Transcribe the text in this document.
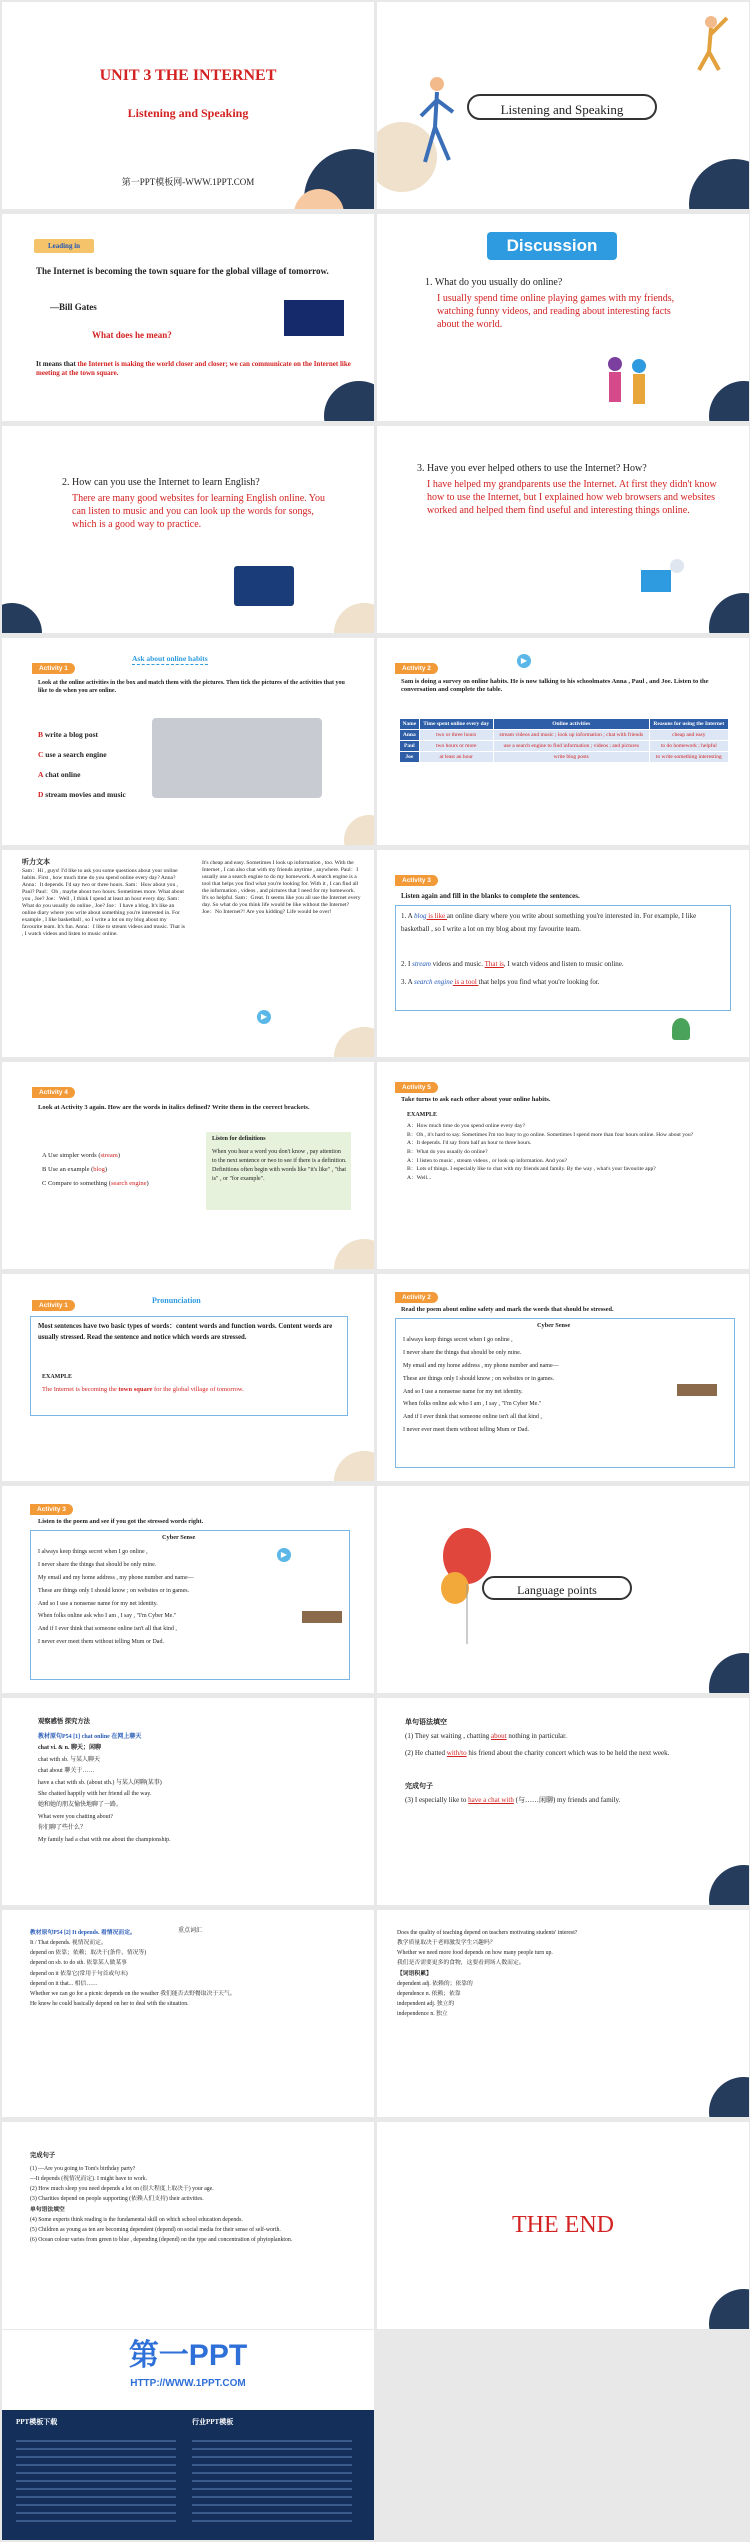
UNIT 3 THE INTERNET
Listening and Speaking
第一PPT模板网-WWW.1PPT.COM
Listening and Speaking
Leading in
The Internet is becoming the town square for the global village of tomorrow.
—Bill Gates
What does he mean?
It means that the Internet is making the world closer and closer; we can communicate on the Internet like meeting at the town square.
Discussion
1. What do you usually do online?
I usually spend time online playing games with my friends, watching funny videos, and reading about interesting facts about the world.
2. How can you use the Internet to learn English?
There are many good websites for learning English online. You can listen to music and you can look up the words for songs, which is a good way to practice.
3. Have you ever helped others to use the Internet? How?
I have helped my grandparents use the Internet. At first they didn't know how to use the Internet, but I explained how web browsers and websites worked and helped them find useful and interesting things online.
Activity 1
Ask about online habits
Look at the online activities in the box and match them with the pictures. Then tick the pictures of the activities that you like to do when you are online.
B write a blog post
C use a search engine
A chat online
D stream movies and music
Activity 2
▶
Sam is doing a survey on online habits. He is now talking to his schoolmates Anna , Paul , and Joe. Listen to the conversation and complete the table.
Name	Time spent online every day	Online activities	Reasons for using the Internet
Anna	two or three hours	stream videos and music ; look up information ; chat with friends	cheap and easy
Paul	two hours or more	use a search engine to find information ; videos ; and pictures	to do homework ; helpful
Joe	at least an hour	write blog posts	to write something interesting
听力文本
Sam：Hi , guys! I'd like to ask you some questions about your online habits. First , how much time do you spend online every day? Anna? Anna：It depends. I'd say two or three hours. Sam：How about you , Paul? Paul：Oh , maybe about two hours. Sometimes more. What about you , Joe? Joe：Well , I think I spend at least an hour every day. Sam：What do you usually do online , Joe? Joe：I have a blog. It's like an online diary where you write about something you're interested in. For example , I like basketball , so I write a lot on my blog about my favourite team. It's fun. Anna：I like to stream videos and music. That is , I watch videos and listen to music online.
It's cheap and easy. Sometimes I look up information , too. With the Internet , I can also chat with my friends anytime , anywhere. Paul：I usually use a search engine to do my homework. A search engine is a tool that helps you find what you're looking for. With it , I can find all the information , videos , and pictures that I need for my homework. It's so helpful. Sam：Great. It seems like you all use the Internet every day. So what do you think life would be like without the Internet? Joe：No Internet?! Are you kidding? Life would be over!
▶
Activity 3
Listen again and fill in the blanks to complete the sentences.
1. A blog is like an online diary where you write about something you're interested in. For example, I like basketball , so I write a lot on my blog about my favourite team.
2. I stream videos and music. That is, I watch videos and listen to music online.
3. A search engine is a tool that helps you find what you're looking for.
Activity 4
Look at Activity 3 again. How are the words in italics defined? Write them in the correct brackets.
A Use simpler words (stream)
B Use an example (blog)
C Compare to something (search engine)
Listen for definitions
When you hear a word you don't know , pay attention to the next sentence or two to see if there is a definition. Definitions often begin with words like "it's like" , "that is" , or "for example".
Activity 5
Take turns to ask each other about your online habits.
EXAMPLE
A：How much time do you spend online every day?
B：Oh , it's hard to say. Sometimes I'm too busy to go online. Sometimes I spend more than four hours online. How about you?
A：It depends. I'd say from half an hour to three hours.
B：What do you usually do online?
A：I listen to music , stream videos , or look up information. And you?
B：Lots of things. I especially like to chat with my friends and family. By the way , what's your favourite app?
A：Well...
Activity 1
Pronunciation
Most sentences have two basic types of words：content words and function words. Content words are usually stressed. Read the sentence and notice which words are stressed.
EXAMPLE
The Internet is becoming the town square for the global village of tomorrow.
Activity 2
Read the poem about online safety and mark the words that should be stressed.
Cyber Sense
I always keep things secret when I go online ,
I never share the things that should be only mine.
My email and my home address , my phone number and name—
These are things only I should know ; on websites or in games.
And so I use a nonsense name for my net identity.
When folks online ask who I am , I say , "I'm Cyber Me."
And if I ever think that someone online isn't all that kind ,
I never ever meet them without telling Mum or Dad.
Activity 3
Listen to the poem and see if you got the stressed words right.
Cyber Sense
I always keep things secret when I go online ,
I never share the things that should be only mine.
My email and my home address , my phone number and name—
These are things only I should know ; on websites or in games.
And so I use a nonsense name for my net identity.
When folks online ask who I am , I say , "I'm Cyber Me."
And if I ever think that someone online isn't all that kind ,
I never ever meet them without telling Mum or Dad.
▶
Language points
观察感悟 探究方法
教材原句P54 [1] chat online 在网上聊天
chat vi. & n. 聊天；闲聊
chat with sb. 与某人聊天
chat about 聊关于……
have a chat with sb. (about sth.) 与某人闲聊(某事)
She chatted happily with her friend all the way.
她和她的朋友愉快地聊了一路。
What were you chatting about?
你们聊了些什么？
My family had a chat with me about the championship.
单句语法填空
(1) They sat waiting , chatting about nothing in particular.
(2) He chatted with/to his friend about the charity concert which was to be held the next week.
完成句子
(3) I especially like to have a chat with (与……闲聊) my friends and family.
教材原句P54 [2] It depends. 看情况而定。
It / That depends. 视情况而定。
depend on 依靠；依赖；取决于(条件、情况等)
depend on sb. to do sth. 依靠某人做某事
depend on it 依靠它(常用于句首或句末)
depend on it that... 相信……
Whether we can go for a picnic depends on the weather 我们能否去野餐取决于天气。
He knew he could basically depend on her to deal with the situation.
重点词汇	Does the quality of teaching depend on teachers motivating students' interest?
教学质量取决于老师激发学生兴趣吗？
Whether we need more food depends on how many people turn up.
我们是否需要更多的食物，这要看到场人数而定。
【词语积累】
dependent adj. 依赖的；依靠的
dependence n. 依赖；依靠
independent adj. 独立的
independence n. 独立
完成句子
(1) —Are you going to Tom's birthday party?
—It depends (视情况而定). I might have to work.
(2) How much sleep you need depends a lot on (很大程度上取决于) your age.
(3) Charities depend on people supporting (依赖人们支持) their activities.
单句语法填空
(4) Some experts think reading is the fundamental skill on which school education depends.
(5) Children as young as ten are becoming dependent (depend) on social media for their sense of self-worth.
(6) Ocean colour varies from green to blue , depending (depend) on the type and concentration of phytoplankton.
THE END
第一PPT
HTTP://WWW.1PPT.COM
PPT模板下载	行业PPT模板
